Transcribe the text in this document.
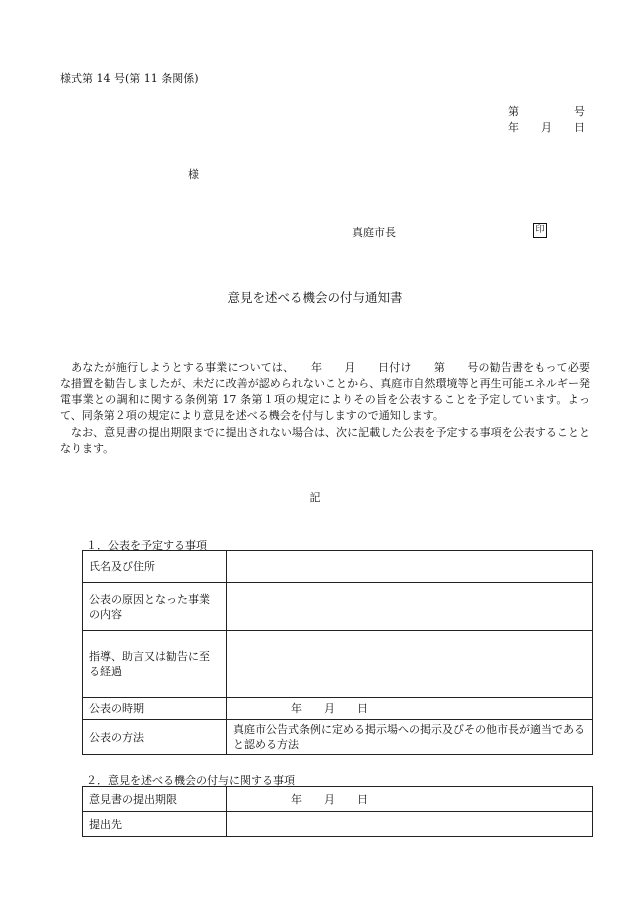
様式第 14 号(第 11 条関係)
第　　　　　号
年　　月　　日
様
真庭市長	印
意見を述べる機会の付与通知書
　あなたが施行しようとする事業については、　　年　　月　　日付け　　第　　号の勧告書をもって必要な措置を勧告しましたが、未だに改善が認められないことから、真庭市自然環境等と再生可能エネルギー発電事業との調和に関する条例第 17 条第１項の規定によりその旨を公表することを予定しています。よって、同条第２項の規定により意見を述べる機会を付与しますので通知します。
　なお、意見書の提出期限までに提出されない場合は、次に記載した公表を予定する事項を公表することとなります。
記
１．公表を予定する事項
氏名及び住所	
公表の原因となった事業の内容	
指導、助言又は勧告に至る経過	
公表の時期	年　　月　　日
公表の方法	真庭市公告式条例に定める掲示場への掲示及びその他市長が適当であると認める方法
２．意見を述べる機会の付与に関する事項
意見書の提出期限	年　　月　　日
提出先	
